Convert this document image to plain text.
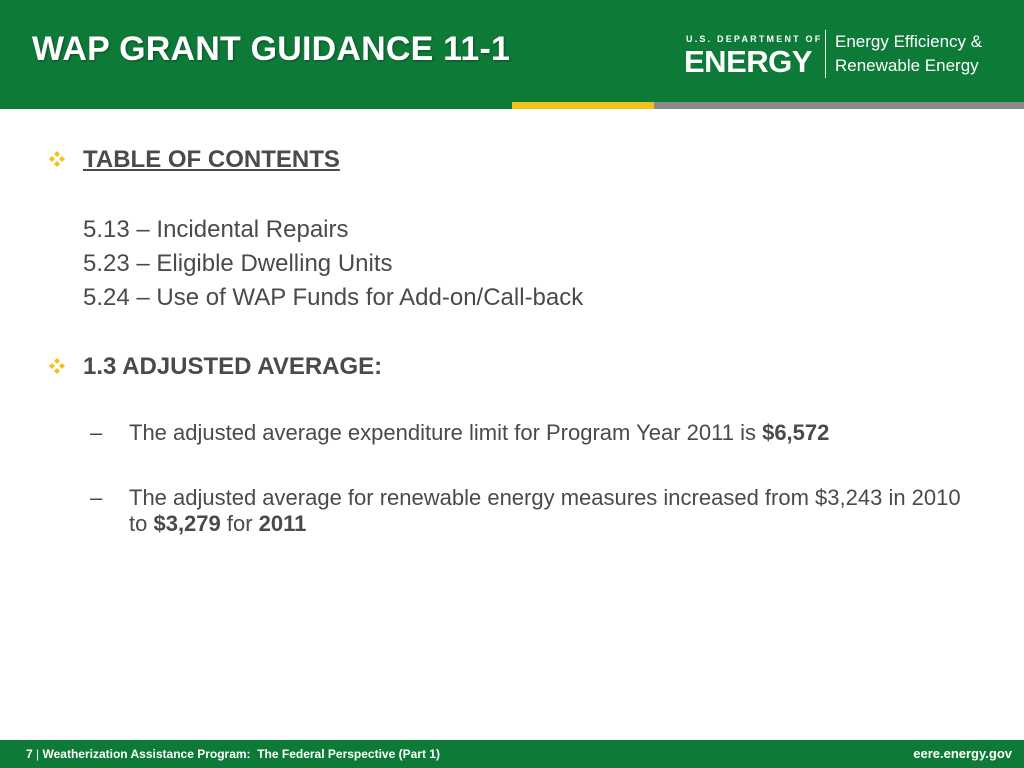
WAP GRANT GUIDANCE 11-1	U.S. DEPARTMENT OF
ENERGY
Energy Efficiency &
Renewable Energy
TABLE OF CONTENTS
5.13 – Incidental Repairs
5.23 – Eligible Dwelling Units
5.24 – Use of WAP Funds for Add-on/Call-back
1.3 ADJUSTED AVERAGE:
– The adjusted average expenditure limit for Program Year 2011 is $6,572
– The adjusted average for renewable energy measures increased from $3,243 in 2010 to $3,279 for 2011
7 | Weatherization Assistance Program:  The Federal Perspective (Part 1)	eere.energy.gov
